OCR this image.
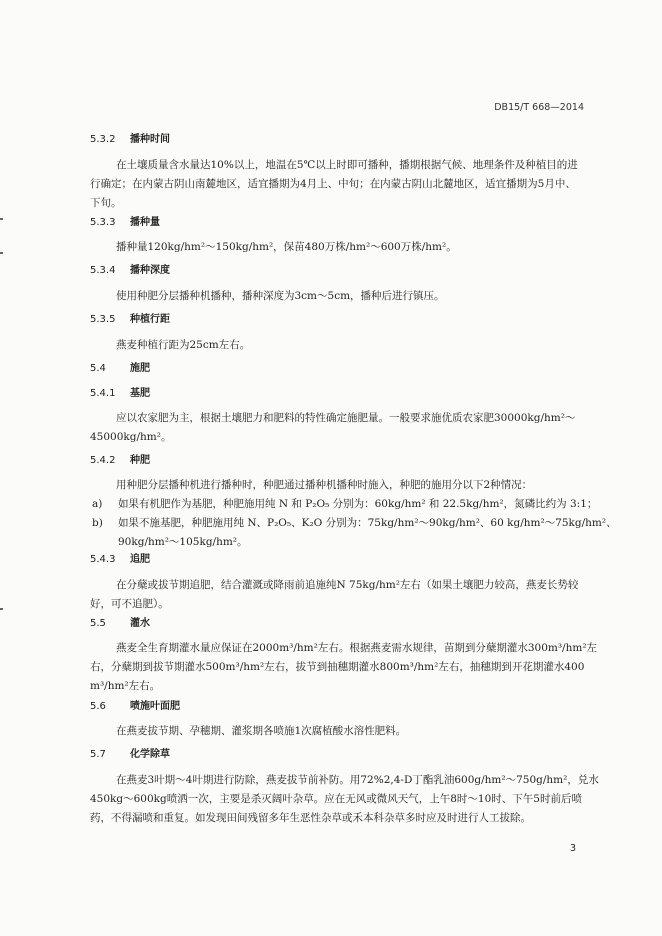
DB15/T 668—2014
5.3.2 播种时间
在土壤质量含水量达10%以上，地温在5℃以上时即可播种，播期根据气候、地理条件及种植目的进
行确定；在内蒙古阴山南麓地区，适宜播期为4月上、中旬；在内蒙古阴山北麓地区，适宜播期为5月中、
下旬。
5.3.3 播种量
播种量120kg/hm²～150kg/hm²，保苗480万株/hm²～600万株/hm²。
5.3.4 播种深度
使用种肥分层播种机播种，播种深度为3cm～5cm，播种后进行镇压。
5.3.5 种植行距
燕麦种植行距为25cm左右。
5.4 施肥
5.4.1 基肥
应以农家肥为主，根据土壤肥力和肥料的特性确定施肥量。一般要求施优质农家肥30000kg/hm²～
45000kg/hm²。
5.4.2 种肥
用种肥分层播种机进行播种时，种肥通过播种机播种时施入，种肥的施用分以下2种情况：
a) 如果有机肥作为基肥，种肥施用纯 N 和 P₂O₅ 分别为：60kg/hm² 和 22.5kg/hm²，氮磷比约为 3:1；
b) 如果不施基肥，种肥施用纯 N、P₂O₅、K₂O 分别为：75kg/hm²～90kg/hm²、60 kg/hm²～75kg/hm²、
90kg/hm²～105kg/hm²。
5.4.3 追肥
在分蘖或拔节期追肥，结合灌溉或降雨前追施纯N 75kg/hm²左右（如果土壤肥力较高，燕麦长势较
好，可不追肥）。
5.5 灌水
燕麦全生育期灌水量应保证在2000m³/hm²左右。根据燕麦需水规律，苗期到分蘖期灌水300m³/hm²左
右，分蘖期到拔节期灌水500m³/hm²左右，拔节到抽穗期灌水800m³/hm²左右，抽穗期到开花期灌水400
m³/hm²左右。
5.6 喷施叶面肥
在燕麦拔节期、孕穗期、灌浆期各喷施1次腐植酸水溶性肥料。
5.7 化学除草
在燕麦3叶期～4叶期进行防除，燕麦拔节前补防。用72%2,4-D丁酯乳油600g/hm²～750g/hm²，兑水
450kg～600kg喷洒一次，主要是杀灭阔叶杂草。应在无风或微风天气，上午8时～10时、下午5时前后喷
药，不得漏喷和重复。如发现田间残留多年生恶性杂草或禾本科杂草多时应及时进行人工拔除。
3
